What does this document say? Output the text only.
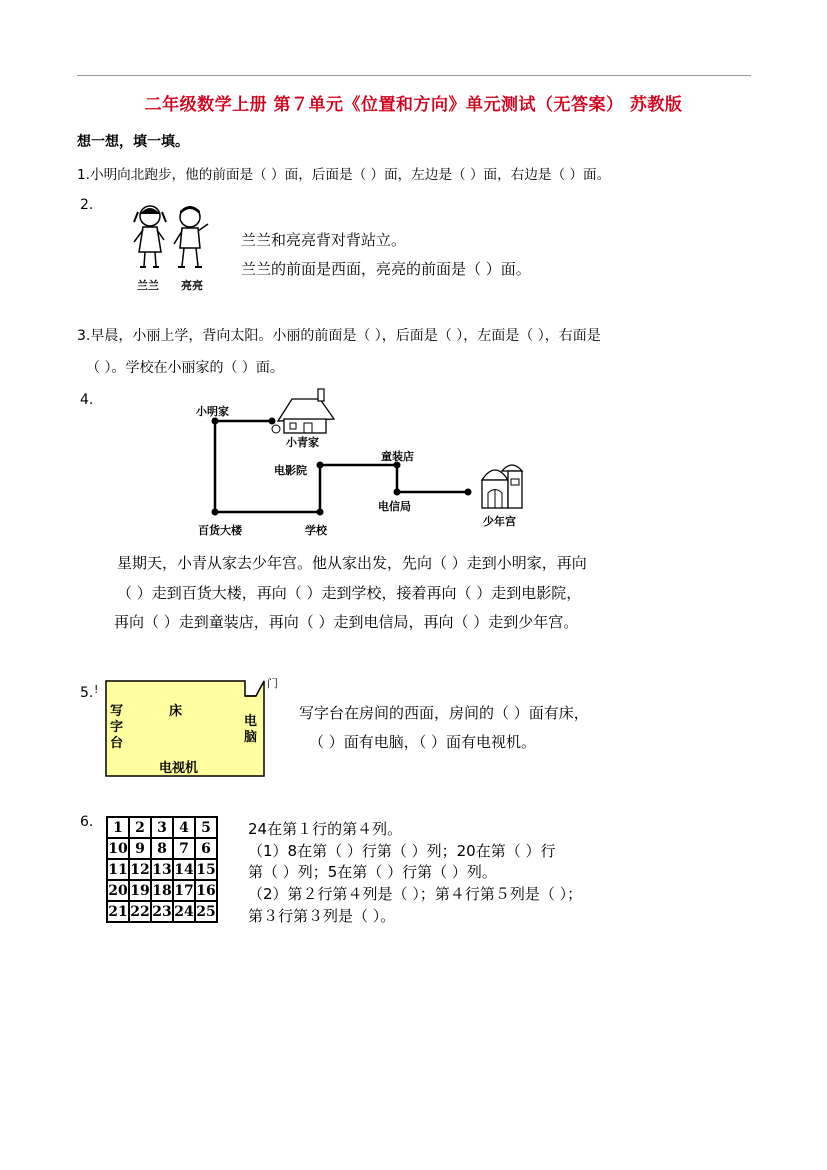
二年级数学上册 第７单元《位置和方向》单元测试（无答案） 苏教版
想一想，填一填。
1.小明向北跑步，他的前面是（ ）面，后面是（ ）面，左边是（ ）面，右边是（ ）面。
2.
兰兰 亮亮
兰兰和亮亮背对背站立。
兰兰的前面是西面，亮亮的前面是（ ）面。
3.早晨，小丽上学，背向太阳。小丽的前面是（ ），后面是（ ），左面是（ ），右面是
（ ）。学校在小丽家的（ ）面。
4.
小明家
小青家
电影院
童装店
电信局
少年宫
百货大楼	学校
星期天，小青从家去少年宫。他从家出发，先向（ ）走到小明家，再向
（ ）走到百货大楼，再向（ ）走到学校，接着再向（ ）走到电影院，
再向（ ）走到童装店，再向（ ）走到电信局，再向（ ）走到少年宫。
5. !
写字台
床
电脑
电视机
门
写字台在房间的西面，房间的（ ）面有床，
（ ）面有电脑，（ ）面有电视机。
6. 1	2	3	4	5
10	9	8	7	6
11	12	13	14	15
20	19	18	17	16
21	22	23	24	25
24在第１行的第４列。
（1）8在第（ ）行第（ ）列；20在第（ ）行
第（ ）列；5在第（ ）行第（ ）列。
（2）第２行第４列是（ ）；第４行第５列是（ ）；
第３行第３列是（ ）。
